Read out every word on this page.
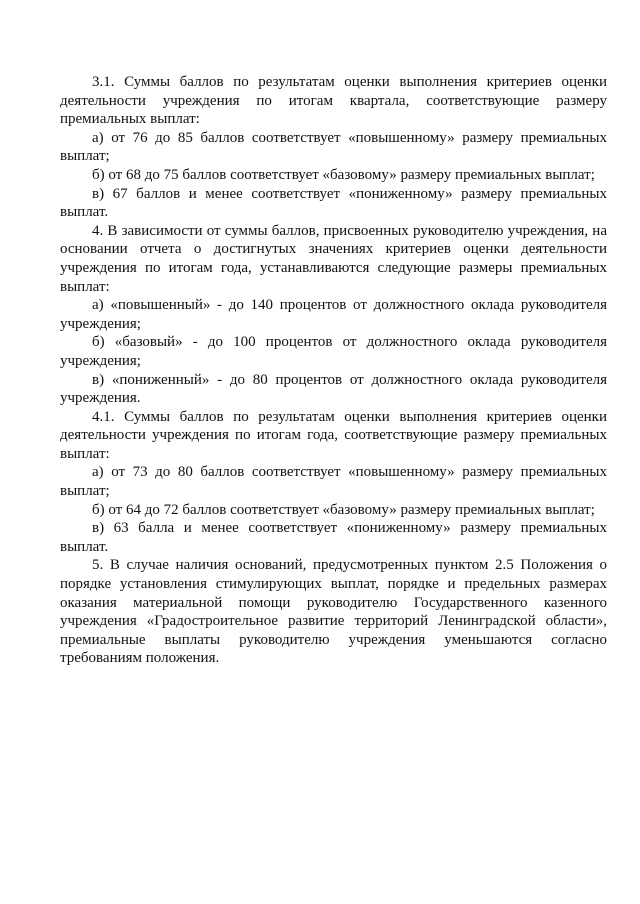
3.1. Суммы баллов по результатам оценки выполнения критериев оценки деятельности учреждения по итогам квартала, соответствующие размеру премиальных выплат:

а) от 76 до 85 баллов соответствует «повышенному» размеру премиальных выплат;

б) от 68 до 75 баллов соответствует «базовому» размеру премиальных выплат;

в) 67 баллов и менее соответствует «пониженному» размеру премиальных выплат.

4. В зависимости от суммы баллов, присвоенных руководителю учреждения, на основании отчета о достигнутых значениях критериев оценки деятельности учреждения по итогам года, устанавливаются следующие размеры премиальных выплат:

а) «повышенный» - до 140 процентов от должностного оклада руководителя учреждения;

б) «базовый» - до 100 процентов от должностного оклада руководителя учреждения;

в) «пониженный» - до 80 процентов от должностного оклада руководителя учреждения.

4.1. Суммы баллов по результатам оценки выполнения критериев оценки деятельности учреждения по итогам года, соответствующие размеру премиальных выплат:

а) от 73 до 80 баллов соответствует «повышенному» размеру премиальных выплат;

б) от 64 до 72 баллов соответствует «базовому» размеру премиальных выплат;

в) 63 балла и менее соответствует «пониженному» размеру премиальных выплат.

5. В случае наличия оснований, предусмотренных пунктом 2.5 Положения о порядке установления стимулирующих выплат, порядке и предельных размерах оказания материальной помощи руководителю Государственного казенного учреждения «Градостроительное развитие территорий Ленинградской области», премиальные выплаты руководителю учреждения уменьшаются согласно требованиям положения.
